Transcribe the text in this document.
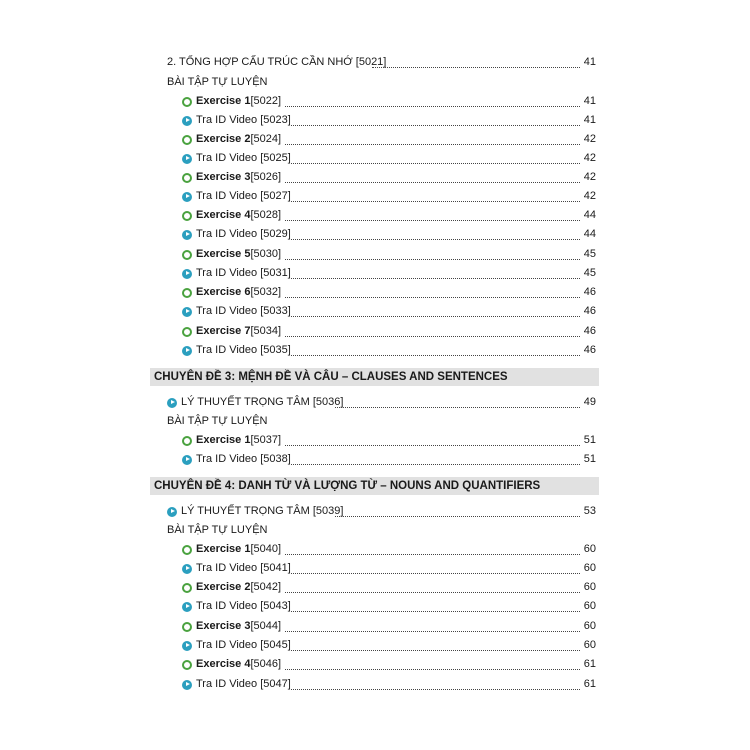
2. TỔNG HỢP CẤU TRÚC CẦN NHỚ [5021]	41
BÀI TẬP TỰ LUYỆN
Exercise 1 [5022]	41
Tra ID Video [5023]	41
Exercise 2 [5024]	42
Tra ID Video [5025]	42
Exercise 3 [5026]	42
Tra ID Video [5027]	42
Exercise 4 [5028]	44
Tra ID Video [5029]	44
Exercise 5 [5030]	45
Tra ID Video [5031]	45
Exercise 6 [5032]	46
Tra ID Video [5033]	46
Exercise 7 [5034]	46
Tra ID Video [5035]	46
CHUYÊN ĐỀ 3: MỆNH ĐỀ VÀ CÂU – CLAUSES AND SENTENCES
LÝ THUYẾT TRỌNG TÂM [5036]	49
BÀI TẬP TỰ LUYỆN
Exercise 1 [5037]	51
Tra ID Video [5038]	51
CHUYÊN ĐỀ 4: DANH TỪ VÀ LƯỢNG TỪ – NOUNS AND QUANTIFIERS
LÝ THUYẾT TRỌNG TÂM [5039]	53
BÀI TẬP TỰ LUYỆN
Exercise 1 [5040]	60
Tra ID Video [5041]	60
Exercise 2 [5042]	60
Tra ID Video [5043]	60
Exercise 3 [5044]	60
Tra ID Video [5045]	60
Exercise 4 [5046]	61
Tra ID Video [5047]	61
